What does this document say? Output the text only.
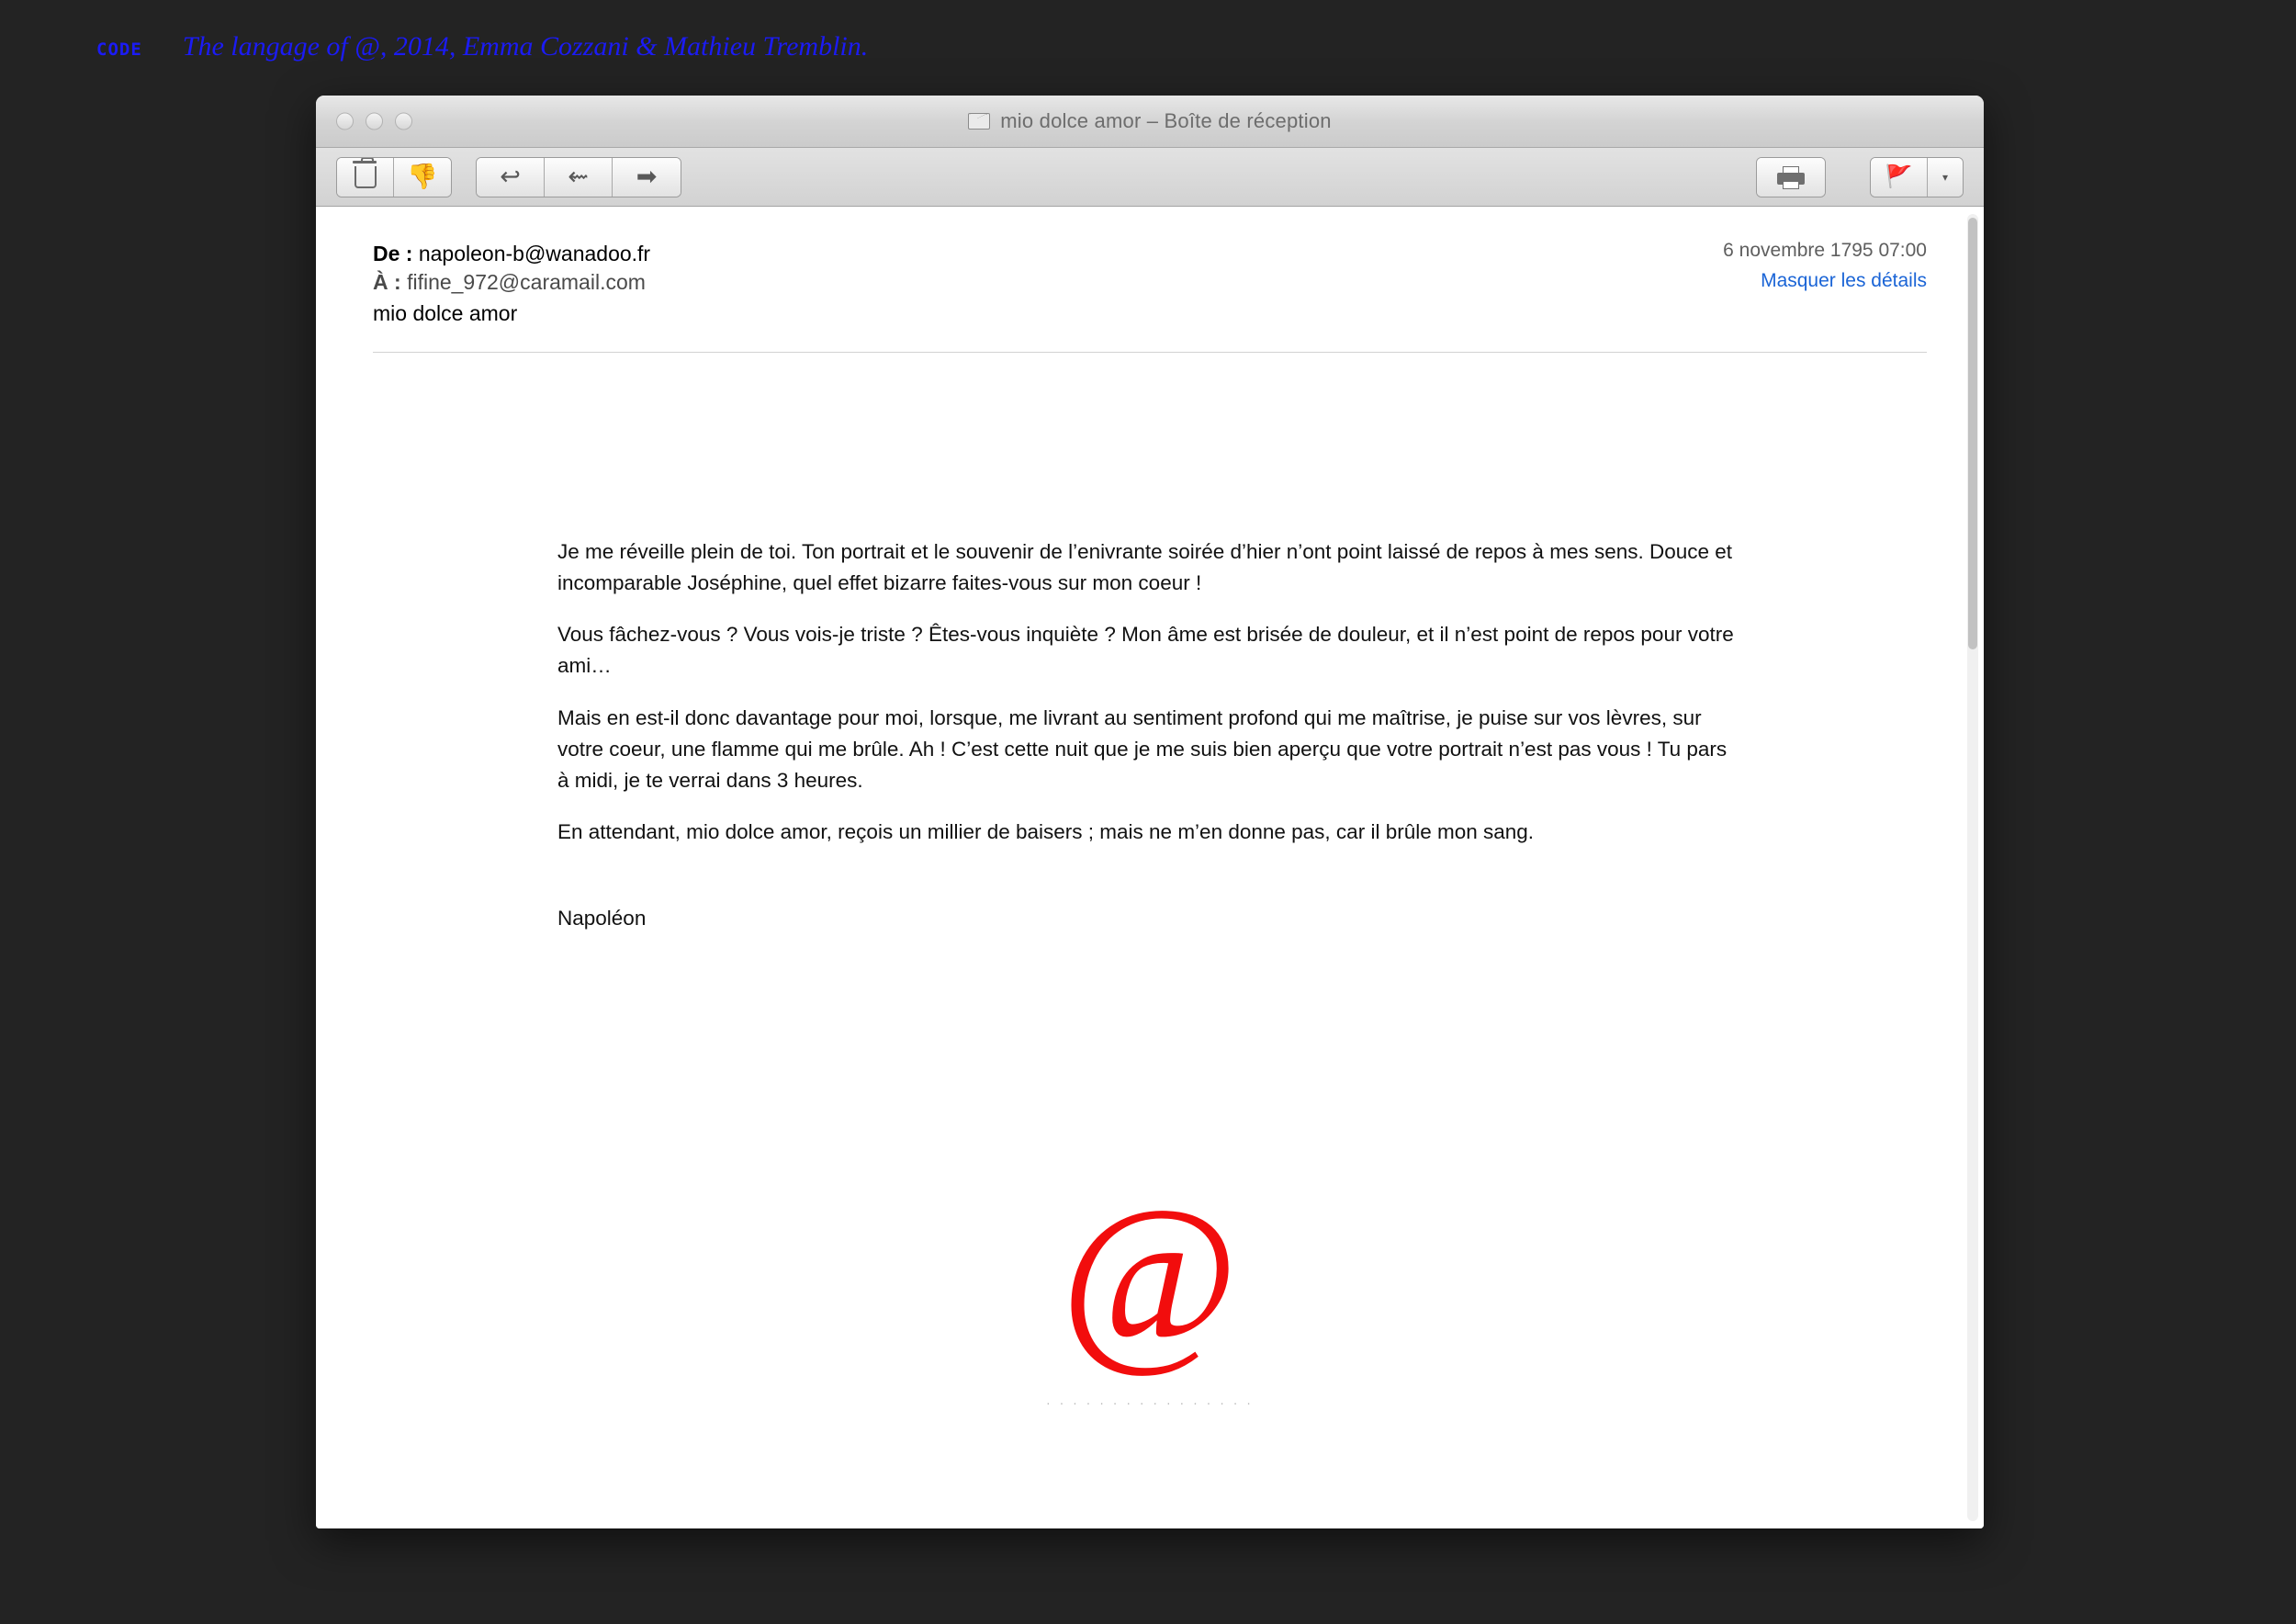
CODE The langage of @, 2014, Emma Cozzani & Mathieu Tremblin.
mio dolce amor – Boîte de réception
👎 ↩ ⇜ ➡	🚩	▾
De : napoleon-b@wanadoo.fr
À : fifine_972@caramail.com
mio dolce amor
6 novembre 1795 07:00
Masquer les détails

Je me réveille plein de toi. Ton portrait et le souvenir de l’enivrante soirée d’hier n’ont point laissé de repos à mes sens. Douce et incomparable Joséphine, quel effet bizarre faites-vous sur mon coeur !

Vous fâchez-vous ? Vous vois-je triste ? Êtes-vous inquiète ? Mon âme est brisée de douleur, et il n’est point de repos pour votre ami…

Mais en est-il donc davantage pour moi, lorsque, me livrant au sentiment profond qui me maîtrise, je puise sur vos lèvres, sur votre coeur, une flamme qui me brûle. Ah ! C’est cette nuit que je me suis bien aperçu que votre portrait n’est pas vous ! Tu pars à midi, je te verrai dans 3 heures.

En attendant, mio dolce amor, reçois un millier de baisers ; mais ne m’en donne pas, car il brûle mon sang.

Napoléon

@
· · · · · · · · · · · · · · · ·
